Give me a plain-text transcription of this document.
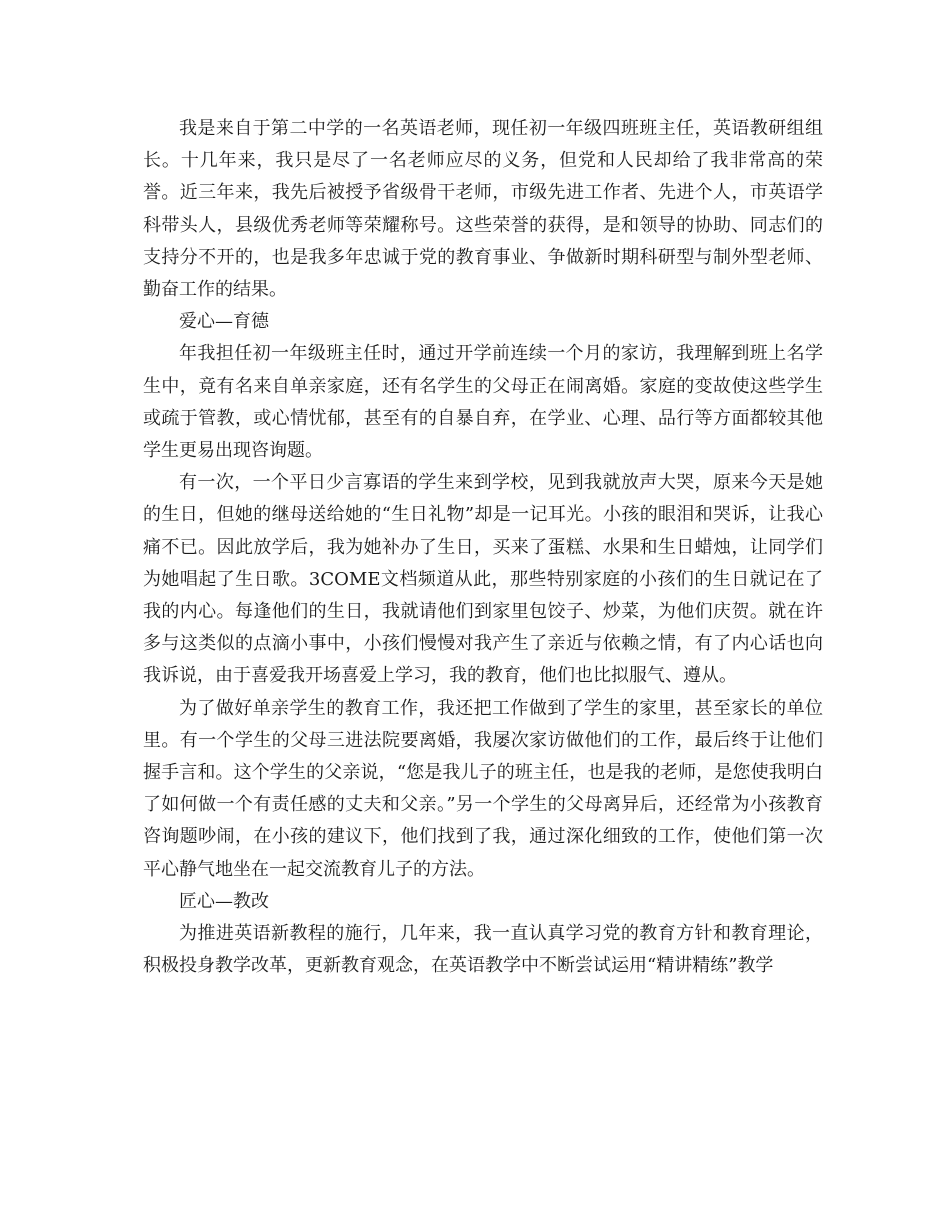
我是来自于第二中学的一名英语老师，现任初一年级四班班主任，英语教研组组长。十几年来，我只是尽了一名老师应尽的义务，但党和人民却给了我非常高的荣誉。近三年来，我先后被授予省级骨干老师，市级先进工作者、先进个人，市英语学科带头人，县级优秀老师等荣耀称号。这些荣誉的获得，是和领导的协助、同志们的支持分不开的，也是我多年忠诚于党的教育事业、争做新时期科研型与制外型老师、勤奋工作的结果。

爱心—育德

年我担任初一年级班主任时，通过开学前连续一个月的家访，我理解到班上名学生中，竟有名来自单亲家庭，还有名学生的父母正在闹离婚。家庭的变故使这些学生或疏于管教，或心情忧郁，甚至有的自暴自弃，在学业、心理、品行等方面都较其他学生更易出现咨询题。

有一次，一个平日少言寡语的学生来到学校，见到我就放声大哭，原来今天是她的生日，但她的继母送给她的“生日礼物”却是一记耳光。小孩的眼泪和哭诉，让我心痛不已。因此放学后，我为她补办了生日，买来了蛋糕、水果和生日蜡烛，让同学们为她唱起了生日歌。3COME文档频道从此，那些特别家庭的小孩们的生日就记在了我的内心。每逢他们的生日，我就请他们到家里包饺子、炒菜，为他们庆贺。就在许多与这类似的点滴小事中，小孩们慢慢对我产生了亲近与依赖之情，有了内心话也向我诉说，由于喜爱我开场喜爱上学习，我的教育，他们也比拟服气、遵从。

为了做好单亲学生的教育工作，我还把工作做到了学生的家里，甚至家长的单位里。有一个学生的父母三进法院要离婚，我屡次家访做他们的工作，最后终于让他们握手言和。这个学生的父亲说，“您是我儿子的班主任，也是我的老师，是您使我明白了如何做一个有责任感的丈夫和父亲。”另一个学生的父母离异后，还经常为小孩教育咨询题吵闹，在小孩的建议下，他们找到了我，通过深化细致的工作，使他们第一次平心静气地坐在一起交流教育儿子的方法。

匠心—教改

为推进英语新教程的施行，几年来，我一直认真学习党的教育方针和教育理论，积极投身教学改革，更新教育观念，在英语教学中不断尝试运用“精讲精练”教学
